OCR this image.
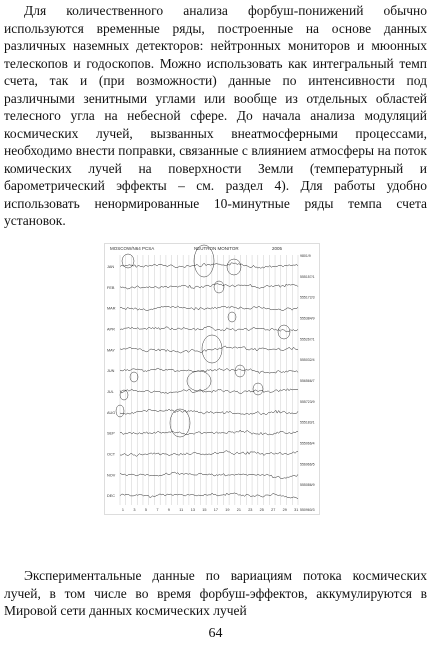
Для количественного анализа форбуш-понижений обычно используются временные ряды, построенные на основе данных различных наземных детекторов: нейтронных мониторов и мюонных телескопов и годоскопов. Можно использовать как интегральный темп счета, так и (при возможности) данные по интенсивности под различными зенитными углами или вообще из отдельных областей телесного угла на небесной сфере. До начала анализа модуляций космических лучей, вызванных внеатмосферными процессами, необходимо внести поправки, связанные с влиянием атмосферы на поток комических лучей на поверхности Земли (температурный и барометрический эффекты – см. раздел 4). Для работы удобно использовать ненормированные 10-минутные ряды темпа счета установок.
MOSCOW/N64 PCSA	NEUTRON MONITOR	2005
JAN
9801/9
FEB
555157/1
MAR
555172/3
APR
555384/9
MAY
555267/1
JUN
555032/4
JUL
556566/7
AUG
555723/9
SEP
555183/1
OCT
555066/4
NOV
556966/5
DEC
555086/9
550960/3
1 3 5 7 9 11 13 15 17 19 21 23 25 27 29 31
Экспериментальные данные по вариациям потока космических лучей, в том числе во время форбуш-эффектов, аккумулируются в Мировой сети данных космических лучей
64
